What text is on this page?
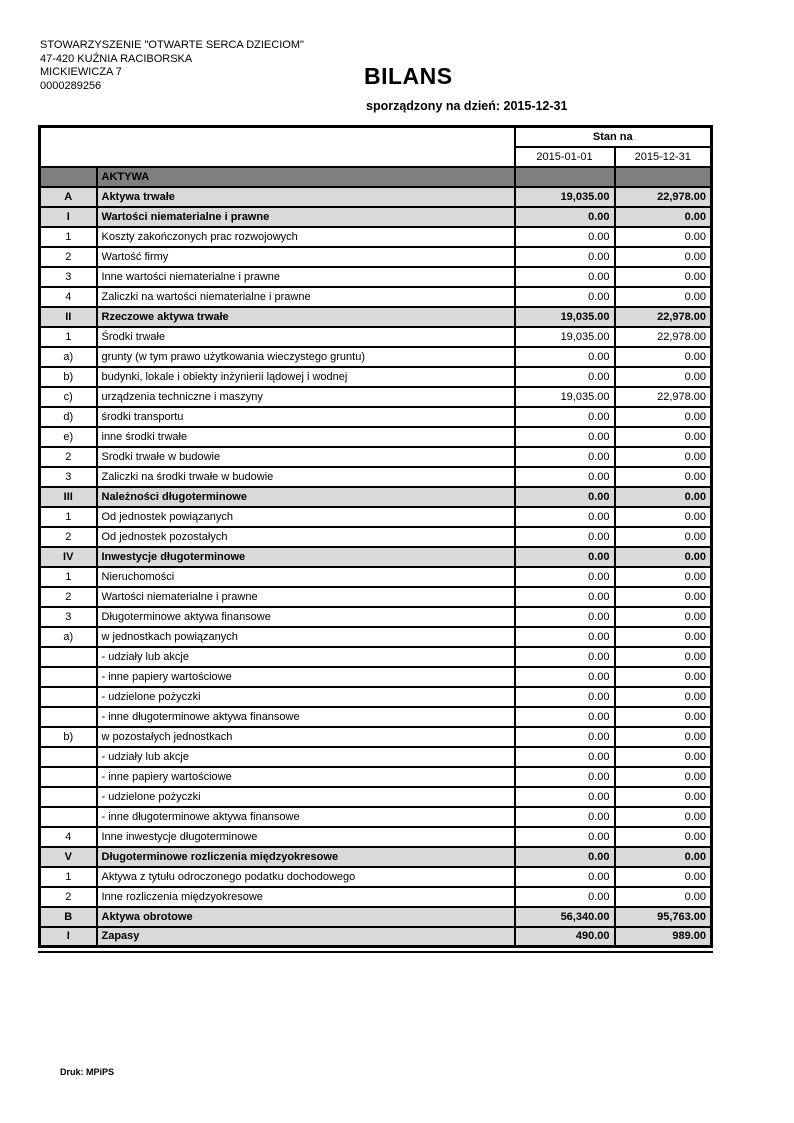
STOWARZYSZENIE "OTWARTE SERCA DZIECIOM"
47-420 KUŹNIA RACIBORSKA
MICKIEWICZA 7
0000289256	BILANS
sporządzony na dzień: 2015-12-31
		Stan na	
		2015-01-01	2015-12-31
	AKTYWA		
A	Aktywa trwałe	19,035.00	22,978.00
I	Wartości niematerialne i prawne	0.00	0.00
1	Koszty zakończonych prac rozwojowych	0.00	0.00
2	Wartość firmy	0.00	0.00
3	Inne wartości niematerialne i prawne	0.00	0.00
4	Zaliczki na wartości niematerialne i prawne	0.00	0.00
II	Rzeczowe aktywa trwałe	19,035.00	22,978.00
1	Środki trwałe	19,035.00	22,978.00
a)	grunty (w tym prawo użytkowania wieczystego gruntu)	0.00	0.00
b)	budynki, lokale i obiekty inżynierii lądowej i wodnej	0.00	0.00
c)	urządzenia techniczne i maszyny	19,035.00	22,978.00
d)	środki transportu	0.00	0.00
e)	inne środki trwałe	0.00	0.00
2	Srodki trwałe w budowie	0.00	0.00
3	Zaliczki na środki trwałe w budowie	0.00	0.00
III	Należności długoterminowe	0.00	0.00
1	Od jednostek powiązanych	0.00	0.00
2	Od jednostek pozostałych	0.00	0.00
IV	Inwestycje długoterminowe	0.00	0.00
1	Nieruchomości	0.00	0.00
2	Wartości niematerialne i prawne	0.00	0.00
3	Długoterminowe aktywa finansowe	0.00	0.00
a)	w jednostkach powiązanych	0.00	0.00
	- udziały lub akcje	0.00	0.00
	- inne papiery wartościowe	0.00	0.00
	- udzielone pożyczki	0.00	0.00
	- inne długoterminowe aktywa finansowe	0.00	0.00
b)	w pozostałych jednostkach	0.00	0.00
	- udziały lub akcje	0.00	0.00
	- inne papiery wartościowe	0.00	0.00
	- udzielone pożyczki	0.00	0.00
	- inne długoterminowe aktywa finansowe	0.00	0.00
4	Inne inwestycje długoterminowe	0.00	0.00
V	Długoterminowe rozliczenia międzyokresowe	0.00	0.00
1	Aktywa z tytułu odroczonego podatku dochodowego	0.00	0.00
2	Inne rozliczenia międzyokresowe	0.00	0.00
B	Aktywa obrotowe	56,340.00	95,763.00
I	Zapasy	490.00	989.00
Druk: MPiPS
